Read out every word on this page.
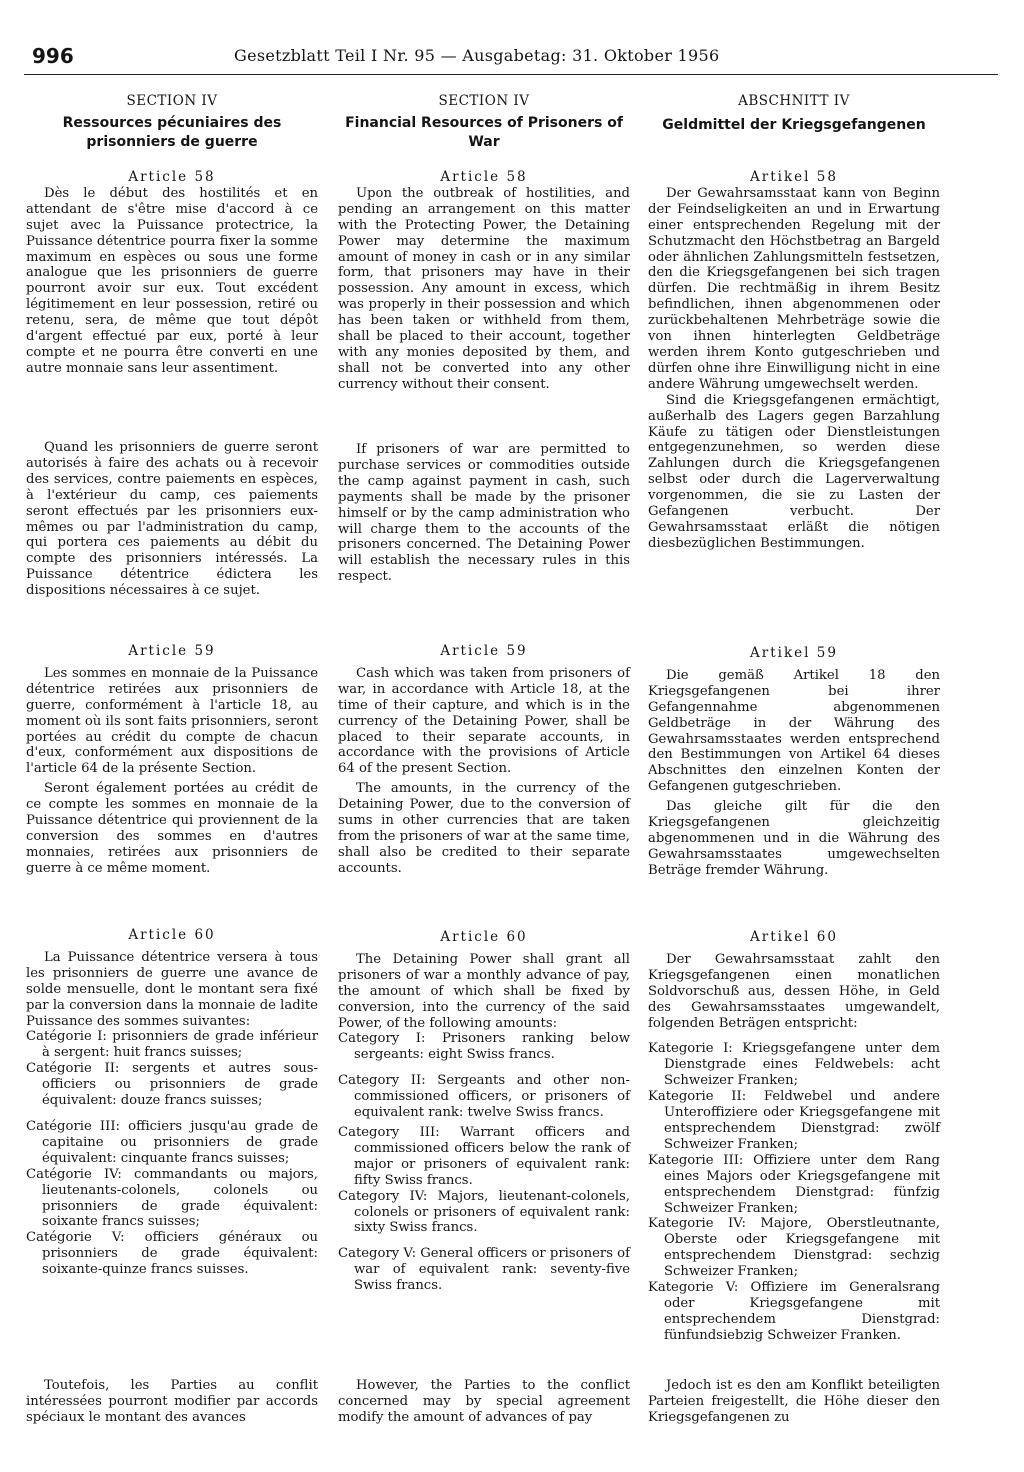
996	Gesetzblatt Teil I Nr. 95 — Ausgabetag: 31. Oktober 1956
SECTION IV
Ressources pécuniaires des prisonniers de guerre
Article 58

Dès le début des hostilités et en attendant de s'être mise d'accord à ce sujet avec la Puissance protectrice, la Puissance détentrice pourra fixer la somme maximum en espèces ou sous une forme analogue que les prisonniers de guerre pourront avoir sur eux. Tout excédent légitimement en leur possession, retiré ou retenu, sera, de même que tout dépôt d'argent effectué par eux, porté à leur compte et ne pourra être converti en une autre monnaie sans leur assentiment.

Quand les prisonniers de guerre seront autorisés à faire des achats ou à recevoir des services, contre paiements en espèces, à l'extérieur du camp, ces paiements seront effectués par les prisonniers eux-mêmes ou par l'administration du camp, qui portera ces paiements au débit du compte des prisonniers intéressés. La Puissance détentrice édictera les dispositions nécessaires à ce sujet.

Article 59

Les sommes en monnaie de la Puissance détentrice retirées aux prisonniers de guerre, conformément à l'article 18, au moment où ils sont faits prisonniers, seront portées au crédit du compte de chacun d'eux, conformément aux dispositions de l'article 64 de la présente Section.

Seront également portées au crédit de ce compte les sommes en monnaie de la Puissance détentrice qui proviennent de la conversion des sommes en d'autres monnaies, retirées aux prisonniers de guerre à ce même moment.

Article 60

La Puissance détentrice versera à tous les prisonniers de guerre une avance de solde mensuelle, dont le montant sera fixé par la conversion dans la monnaie de ladite Puissance des sommes suivantes:

Catégorie I: prisonniers de grade inférieur à sergent: huit francs suisses;

Catégorie II: sergents et autres sous-officiers ou prisonniers de grade équivalent: douze francs suisses;

Catégorie III: officiers jusqu'au grade de capitaine ou prisonniers de grade équivalent: cinquante francs suisses;

Catégorie IV: commandants ou majors, lieutenants-colonels, colonels ou prisonniers de grade équivalent: soixante francs suisses;

Catégorie V: officiers généraux ou prisonniers de grade équivalent: soixante-quinze francs suisses.

Toutefois, les Parties au conflit intéressées pourront modifier par accords spéciaux le montant des avances

SECTION IV
Financial Resources of Prisoners of War
Article 58

Upon the outbreak of hostilities, and pending an arrangement on this matter with the Protecting Power, the Detaining Power may determine the maximum amount of money in cash or in any similar form, that prisoners may have in their possession. Any amount in excess, which was properly in their possession and which has been taken or withheld from them, shall be placed to their account, together with any monies deposited by them, and shall not be converted into any other currency without their consent.

If prisoners of war are permitted to purchase services or commodities outside the camp against payment in cash, such payments shall be made by the prisoner himself or by the camp administration who will charge them to the accounts of the prisoners concerned. The Detaining Power will establish the necessary rules in this respect.

Article 59

Cash which was taken from prisoners of war, in accordance with Article 18, at the time of their capture, and which is in the currency of the Detaining Power, shall be placed to their separate accounts, in accordance with the provisions of Article 64 of the present Section.

The amounts, in the currency of the Detaining Power, due to the conversion of sums in other currencies that are taken from the prisoners of war at the same time, shall also be credited to their separate accounts.

Article 60

The Detaining Power shall grant all prisoners of war a monthly advance of pay, the amount of which shall be fixed by conversion, into the currency of the said Power, of the following amounts:

Category I: Prisoners ranking below sergeants: eight Swiss francs.

Category II: Sergeants and other non-commissioned officers, or prisoners of equivalent rank: twelve Swiss francs.

Category III: Warrant officers and commissioned officers below the rank of major or prisoners of equivalent rank: fifty Swiss francs.

Category IV: Majors, lieutenant-colonels, colonels or prisoners of equivalent rank: sixty Swiss francs.

Category V: General officers or prisoners of war of equivalent rank: seventy-five Swiss francs.

However, the Parties to the conflict concerned may by special agreement modify the amount of advances of pay

ABSCHNITT IV
Geldmittel der Kriegsgefangenen
Artikel 58

Der Gewahrsamsstaat kann von Beginn der Feindseligkeiten an und in Erwartung einer entsprechenden Regelung mit der Schutzmacht den Höchstbetrag an Bargeld oder ähnlichen Zahlungsmitteln festsetzen, den die Kriegsgefangenen bei sich tragen dürfen. Die rechtmäßig in ihrem Besitz befindlichen, ihnen abgenommenen oder zurückbehaltenen Mehrbeträge sowie die von ihnen hinterlegten Geldbeträge werden ihrem Konto gutgeschrieben und dürfen ohne ihre Einwilligung nicht in eine andere Währung umgewechselt werden.

Sind die Kriegsgefangenen ermächtigt, außerhalb des Lagers gegen Barzahlung Käufe zu tätigen oder Dienstleistungen entgegenzunehmen, so werden diese Zahlungen durch die Kriegsgefangenen selbst oder durch die Lagerverwaltung vorgenommen, die sie zu Lasten der Gefangenen verbucht. Der Gewahrsamsstaat erläßt die nötigen diesbezüglichen Bestimmungen.

Artikel 59

Die gemäß Artikel 18 den Kriegsgefangenen bei ihrer Gefangennahme abgenommenen Geldbeträge in der Währung des Gewahrsamsstaates werden entsprechend den Bestimmungen von Artikel 64 dieses Abschnittes den einzelnen Konten der Gefangenen gutgeschrieben.

Das gleiche gilt für die den Kriegsgefangenen gleichzeitig abgenommenen und in die Währung des Gewahrsamsstaates umgewechselten Beträge fremder Währung.

Artikel 60

Der Gewahrsamsstaat zahlt den Kriegsgefangenen einen monatlichen Soldvorschuß aus, dessen Höhe, in Geld des Gewahrsamsstaates umgewandelt, folgenden Beträgen entspricht:

Kategorie I: Kriegsgefangene unter dem Dienstgrade eines Feldwebels: acht Schweizer Franken;

Kategorie II: Feldwebel und andere Unteroffiziere oder Kriegsgefangene mit entsprechendem Dienstgrad: zwölf Schweizer Franken;

Kategorie III: Offiziere unter dem Rang eines Majors oder Kriegsgefangene mit entsprechendem Dienstgrad: fünfzig Schweizer Franken;

Kategorie IV: Majore, Oberstleutnante, Oberste oder Kriegsgefangene mit entsprechendem Dienstgrad: sechzig Schweizer Franken;

Kategorie V: Offiziere im Generalsrang oder Kriegsgefangene mit entsprechendem Dienstgrad: fünfundsiebzig Schweizer Franken.

Jedoch ist es den am Konflikt beteiligten Parteien freigestellt, die Höhe dieser den Kriegsgefangenen zu
